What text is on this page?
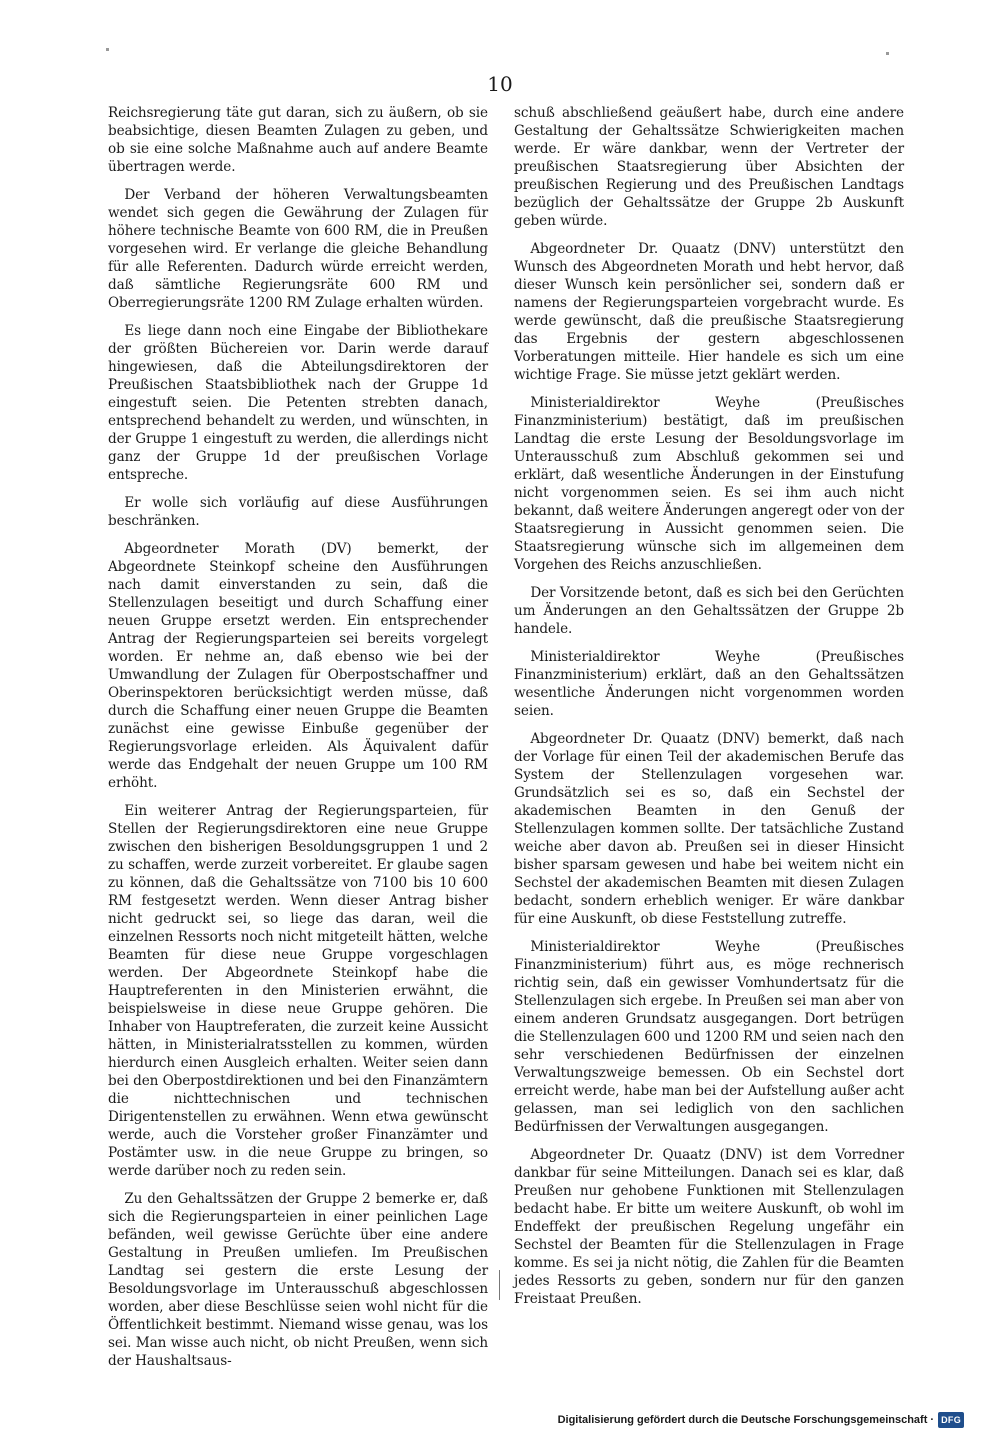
10

Reichsregierung täte gut daran, sich zu äußern, ob sie beabsichtige, diesen Beamten Zulagen zu geben, und ob sie eine solche Maßnahme auch auf andere Beamte übertragen werde.

Der Verband der höheren Verwaltungsbeamten wendet sich gegen die Gewährung der Zulagen für höhere technische Beamte von 600 RM, die in Preußen vorgesehen wird. Er verlange die gleiche Behandlung für alle Referenten. Dadurch würde erreicht werden, daß sämtliche Regierungsräte 600 RM und Oberregierungsräte 1200 RM Zulage erhalten würden.

Es liege dann noch eine Eingabe der Bibliothekare der größten Büchereien vor. Darin werde darauf hingewiesen, daß die Abteilungsdirektoren der Preußischen Staatsbibliothek nach der Gruppe 1d eingestuft seien. Die Petenten strebten danach, entsprechend behandelt zu werden, und wünschten, in der Gruppe 1 eingestuft zu werden, die allerdings nicht ganz der Gruppe 1d der preußischen Vorlage entspreche.

Er wolle sich vorläufig auf diese Ausführungen beschränken.

Abgeordneter Morath (DV) bemerkt, der Abgeordnete Steinkopf scheine den Ausführungen nach damit einverstanden zu sein, daß die Stellenzulagen beseitigt und durch Schaffung einer neuen Gruppe ersetzt werden. Ein entsprechender Antrag der Regierungsparteien sei bereits vorgelegt worden. Er nehme an, daß ebenso wie bei der Umwandlung der Zulagen für Oberpostschaffner und Oberinspektoren berücksichtigt werden müsse, daß durch die Schaffung einer neuen Gruppe die Beamten zunächst eine gewisse Einbuße gegenüber der Regierungsvorlage erleiden. Als Äquivalent dafür werde das Endgehalt der neuen Gruppe um 100 RM erhöht.

Ein weiterer Antrag der Regierungsparteien, für Stellen der Regierungsdirektoren eine neue Gruppe zwischen den bisherigen Besoldungsgruppen 1 und 2 zu schaffen, werde zurzeit vorbereitet. Er glaube sagen zu können, daß die Gehaltssätze von 7100 bis 10 600 RM festgesetzt werden. Wenn dieser Antrag bisher nicht gedruckt sei, so liege das daran, weil die einzelnen Ressorts noch nicht mitgeteilt hätten, welche Beamten für diese neue Gruppe vorgeschlagen werden. Der Abgeordnete Steinkopf habe die Hauptreferenten in den Ministerien erwähnt, die beispielsweise in diese neue Gruppe gehören. Die Inhaber von Hauptreferaten, die zurzeit keine Aussicht hätten, in Ministerialratsstellen zu kommen, würden hierdurch einen Ausgleich erhalten. Weiter seien dann bei den Oberpostdirektionen und bei den Finanzämtern die nichttechnischen und technischen Dirigentenstellen zu erwähnen. Wenn etwa gewünscht werde, auch die Vorsteher großer Finanzämter und Postämter usw. in die neue Gruppe zu bringen, so werde darüber noch zu reden sein.

Zu den Gehaltssätzen der Gruppe 2 bemerke er, daß sich die Regierungsparteien in einer peinlichen Lage befänden, weil gewisse Gerüchte über eine andere Gestaltung in Preußen umliefen. Im Preußischen Landtag sei gestern die erste Lesung der Besoldungsvorlage im Unterausschuß abgeschlossen worden, aber diese Beschlüsse seien wohl nicht für die Öffentlichkeit bestimmt. Niemand wisse genau, was los sei. Man wisse auch nicht, ob nicht Preußen, wenn sich der Haushaltsaus-

schuß abschließend geäußert habe, durch eine andere Gestaltung der Gehaltssätze Schwierigkeiten machen werde. Er wäre dankbar, wenn der Vertreter der preußischen Staatsregierung über Absichten der preußischen Regierung und des Preußischen Landtags bezüglich der Gehaltssätze der Gruppe 2b Auskunft geben würde.

Abgeordneter Dr. Quaatz (DNV) unterstützt den Wunsch des Abgeordneten Morath und hebt hervor, daß dieser Wunsch kein persönlicher sei, sondern daß er namens der Regierungsparteien vorgebracht wurde. Es werde gewünscht, daß die preußische Staatsregierung das Ergebnis der gestern abgeschlossenen Vorberatungen mitteile. Hier handele es sich um eine wichtige Frage. Sie müsse jetzt geklärt werden.

Ministerialdirektor Weyhe (Preußisches Finanzministerium) bestätigt, daß im preußischen Landtag die erste Lesung der Besoldungsvorlage im Unterausschuß zum Abschluß gekommen sei und erklärt, daß wesentliche Änderungen in der Einstufung nicht vorgenommen seien. Es sei ihm auch nicht bekannt, daß weitere Änderungen angeregt oder von der Staatsregierung in Aussicht genommen seien. Die Staatsregierung wünsche sich im allgemeinen dem Vorgehen des Reichs anzuschließen.

Der Vorsitzende betont, daß es sich bei den Gerüchten um Änderungen an den Gehaltssätzen der Gruppe 2b handele.

Ministerialdirektor Weyhe (Preußisches Finanzministerium) erklärt, daß an den Gehaltssätzen wesentliche Änderungen nicht vorgenommen worden seien.

Abgeordneter Dr. Quaatz (DNV) bemerkt, daß nach der Vorlage für einen Teil der akademischen Berufe das System der Stellenzulagen vorgesehen war. Grundsätzlich sei es so, daß ein Sechstel der akademischen Beamten in den Genuß der Stellenzulagen kommen sollte. Der tatsächliche Zustand weiche aber davon ab. Preußen sei in dieser Hinsicht bisher sparsam gewesen und habe bei weitem nicht ein Sechstel der akademischen Beamten mit diesen Zulagen bedacht, sondern erheblich weniger. Er wäre dankbar für eine Auskunft, ob diese Feststellung zutreffe.

Ministerialdirektor Weyhe (Preußisches Finanzministerium) führt aus, es möge rechnerisch richtig sein, daß ein gewisser Vomhundertsatz für die Stellenzulagen sich ergebe. In Preußen sei man aber von einem anderen Grundsatz ausgegangen. Dort betrügen die Stellenzulagen 600 und 1200 RM und seien nach den sehr verschiedenen Bedürfnissen der einzelnen Verwaltungszweige bemessen. Ob ein Sechstel dort erreicht werde, habe man bei der Aufstellung außer acht gelassen, man sei lediglich von den sachlichen Bedürfnissen der Verwaltungen ausgegangen.

Abgeordneter Dr. Quaatz (DNV) ist dem Vorredner dankbar für seine Mitteilungen. Danach sei es klar, daß Preußen nur gehobene Funktionen mit Stellenzulagen bedacht habe. Er bitte um weitere Auskunft, ob wohl im Endeffekt der preußischen Regelung ungefähr ein Sechstel der Beamten für die Stellenzulagen in Frage komme. Es sei ja nicht nötig, die Zahlen für die Beamten jedes Ressorts zu geben, sondern nur für den ganzen Freistaat Preußen.

Digitalisierung gefördert durch die Deutsche Forschungsgemeinschaft · DFG
